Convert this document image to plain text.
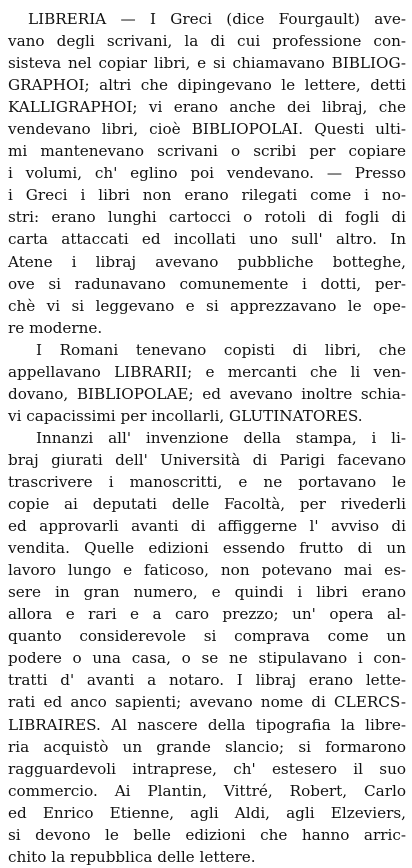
LIBRERIA — I Greci (dice Fourgault) ave-

vano degli scrivani, la di cui professione con-

sisteva nel copiar libri, e si chiamavano BIBLIOG-

GRAPHOI; altri che dipingevano le lettere, detti

KALLIGRAPHOI; vi erano anche dei libraj, che

vendevano libri, cioè BIBLIOPOLAI. Questi ulti-

mi mantenevano scrivani o scribi per copiare

i volumi, ch' eglino poi vendevano. — Presso

i Greci i libri non erano rilegati come i no-

stri: erano lunghi cartocci o rotoli di fogli di

carta attaccati ed incollati uno sull' altro. In

Atene i libraj avevano pubbliche botteghe,

ove si radunavano comunemente i dotti, per-

chè vi si leggevano e si apprezzavano le ope-

re moderne.

I Romani tenevano copisti di libri, che

appellavano LIBRARII; e mercanti che li ven-

dovano, BIBLIOPOLAE; ed avevano inoltre schia-

vi capacissimi per incollarli, GLUTINATORES.

Innanzi all' invenzione della stampa, i li-

braj giurati dell' Università di Parigi facevano

trascrivere i manoscritti, e ne portavano le

copie ai deputati delle Facoltà, per rivederli

ed approvarli avanti di affiggerne l' avviso di

vendita. Quelle edizioni essendo frutto di un

lavoro lungo e faticoso, non potevano mai es-

sere in gran numero, e quindi i libri erano

allora e rari e a caro prezzo; un' opera al-

quanto considerevole si comprava come un

podere o una casa, o se ne stipulavano i con-

tratti d' avanti a notaro. I libraj erano lette-

rati ed anco sapienti; avevano nome di CLERCS-

LIBRAIRES. Al nascere della tipografia la libre-

ria acquistò un grande slancio; si formarono

ragguardevoli intraprese, ch' estesero il suo

commercio. Ai Plantin, Vittré, Robert, Carlo

ed Enrico Etienne, agli Aldi, agli Elzeviers,

si devono le belle edizioni che hanno arric-

chito la repubblica delle lettere.
